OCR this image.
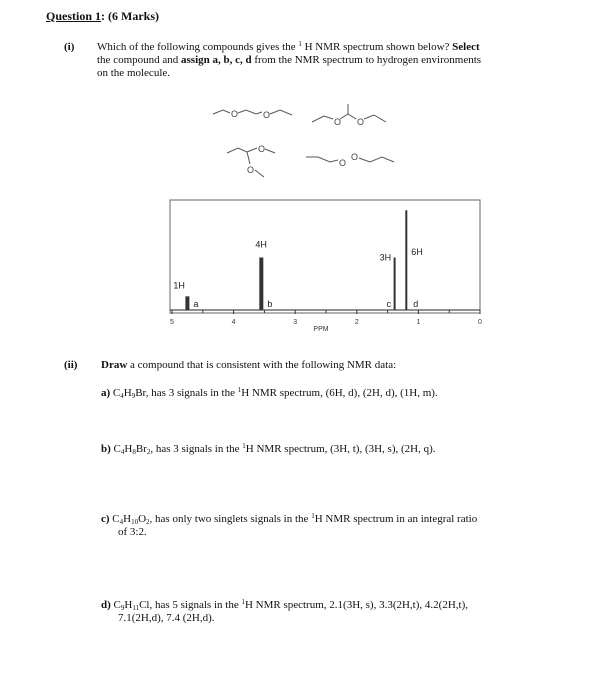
Question 1: (6 Marks)
(i) Which of the following compounds gives the $^1$ H NMR spectrum shown below? Select
the compound and assign a, b, c, d from the NMR spectrum to hydrogen environments
on the molecule.
O	O
O O
O
O
O
O
PPM
5	4	3	2	1	0
1H
a
4H
b
3H
c
6H
d
(ii) Draw a compound that is consistent with the following NMR data:
a) $C_4H_9Br$, has 3 signals in the $^1$H NMR spectrum, (6H, d), (2H, d), (1H, m).
b) $C_4H_8Br_2$, has 3 signals in the $^1$H NMR spectrum, (3H, t), (3H, s), (2H, q).
c) $C_4H_{10}O_2$, has only two singlets signals in the $^1$H NMR spectrum in an integral ratio
of 3:2.
d) $C_9H_{11}Cl$, has 5 signals in the $^1$H NMR spectrum, 2.1(3H, s), 3.3(2H,t), 4.2(2H,t),
7.1(2H,d), 7.4 (2H,d).
